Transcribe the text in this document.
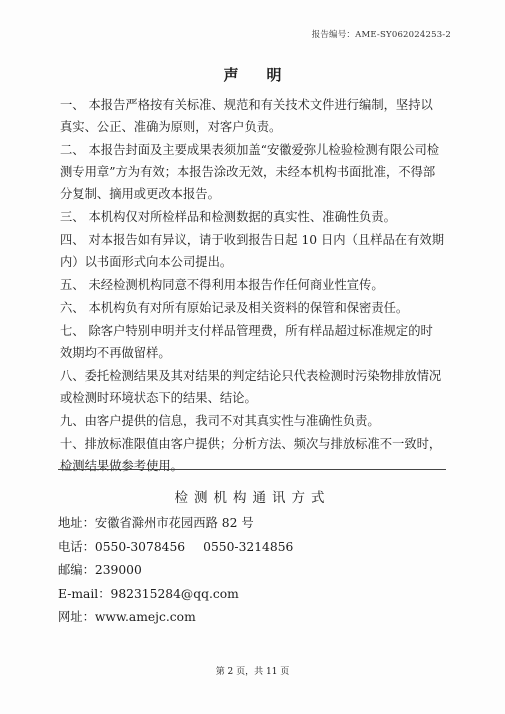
报告编号：AME-SY062024253-2
声明

一、 本报告严格按有关标准、规范和有关技术文件进行编制，坚持以真实、公正、准确为原则，对客户负责。

二、 本报告封面及主要成果表须加盖“安徽爱弥儿检验检测有限公司检测专用章”方为有效；本报告涂改无效，未经本机构书面批准，不得部分复制、摘用或更改本报告。

三、 本机构仅对所检样品和检测数据的真实性、准确性负责。

四、 对本报告如有异议，请于收到报告日起 10 日内（且样品在有效期内）以书面形式向本公司提出。

五、 未经检测机构同意不得利用本报告作任何商业性宣传。

六、 本机构负有对所有原始记录及相关资料的保管和保密责任。

七、 除客户特别申明并支付样品管理费，所有样品超过标准规定的时效期均不再做留样。

八、委托检测结果及其对结果的判定结论只代表检测时污染物排放情况或检测时环境状态下的结果、结论。

九、由客户提供的信息，我司不对其真实性与准确性负责。

十、排放标准限值由客户提供；分析方法、频次与排放标准不一致时，检测结果做参考使用。

检测机构通讯方式
地址：安徽省滁州市花园西路 82 号
电话：0550-3078456 0550-3214856
邮编：239000
E-mail：982315284@qq.com
网址：www.amejc.com
第 2 页，共 11 页
